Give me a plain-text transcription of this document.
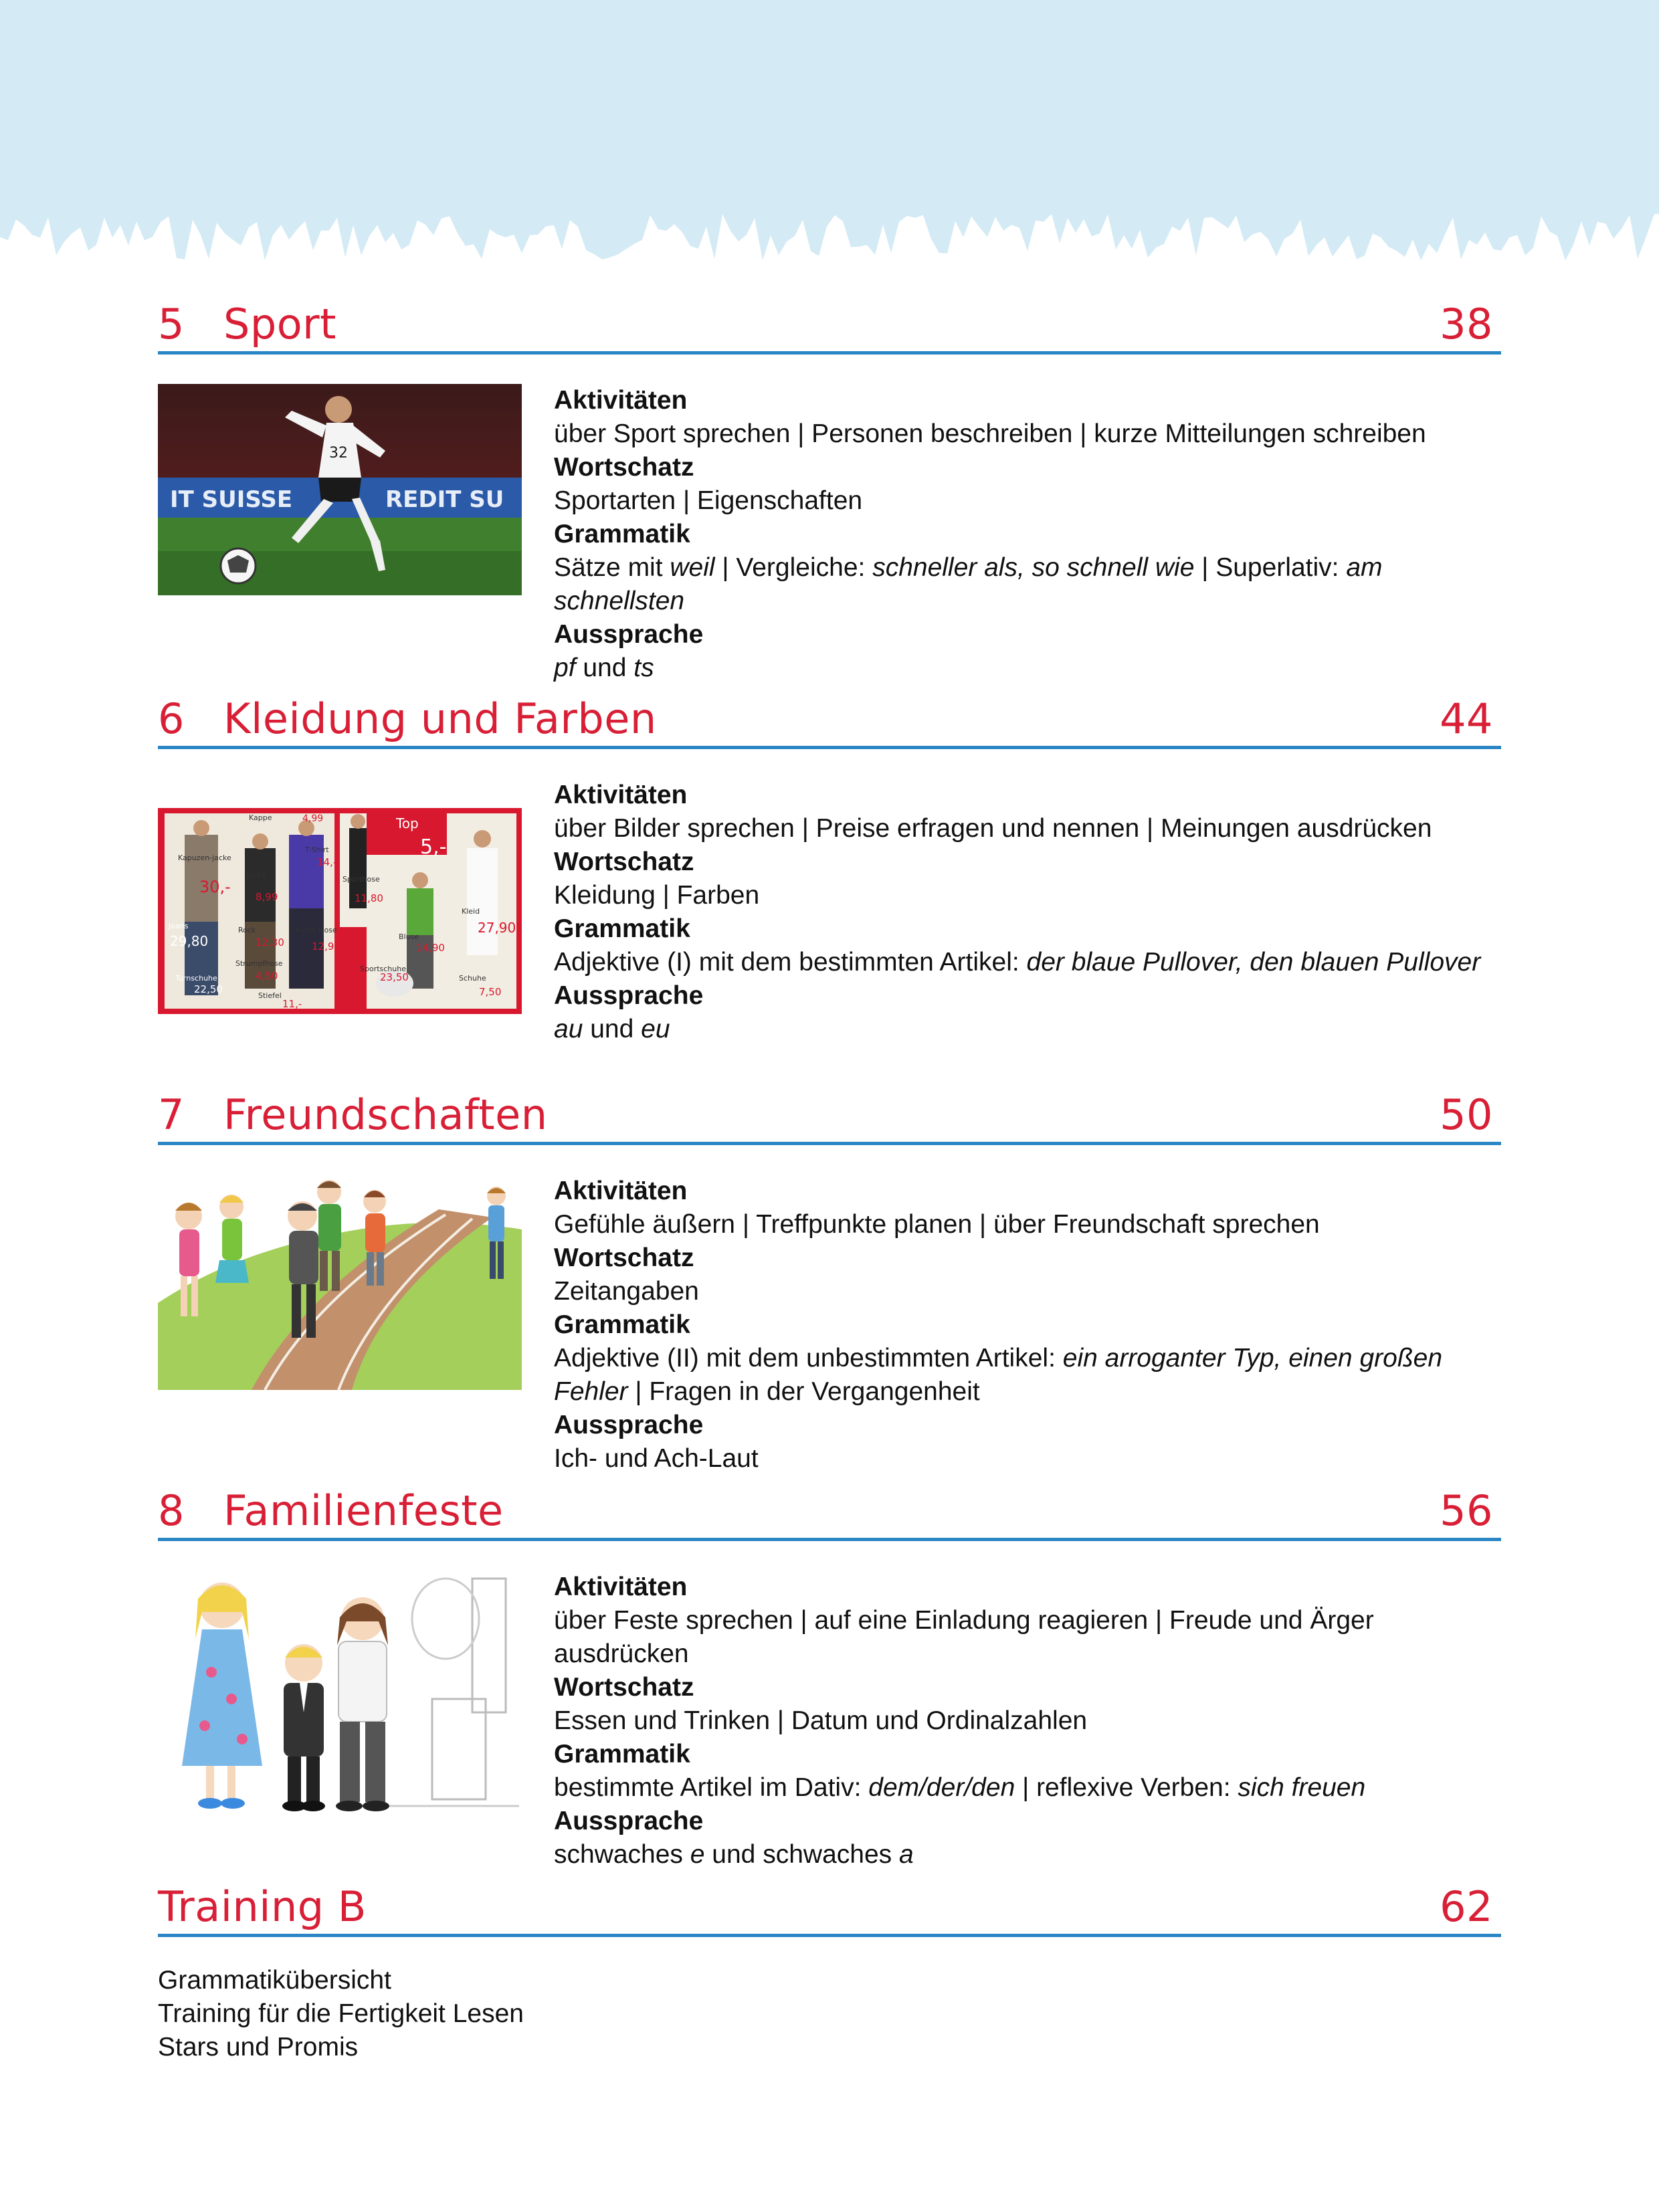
5 Sport	38
IT SUISSE	REDIT SU
32
Aktivitäten
über Sport sprechen | Personen beschreiben | kurze Mitteilungen schreiben
Wortschatz
Sportarten | Eigenschaften
Grammatik
Sätze mit weil | Vergleiche: schneller als, so schnell wie | Superlativ: am schnellsten
Aussprache
pf und ts
6 Kleidung und Farben	44
Kappe	4,99	Top
5,-
Kapuzen-jacke
30,-
Jacke
8,99
T-Shirt
14,-
Sporthose
11,80
Jeans
29,80
Rock
12,30
Kurze Hose
12,90
Bluse
14,90
Kleid
27,90
Strumpfhose
4,50
Sportschuhe
23,50
Turnschuhe
22,50
Schuhe
7,50
Stiefel
11,-
Aktivitäten
über Bilder sprechen | Preise erfragen und nennen | Meinungen ausdrücken
Wortschatz
Kleidung | Farben
Grammatik
Adjektive (I) mit dem bestimmten Artikel: der blaue Pullover, den blauen Pullover
Aussprache
au und eu
7 Freundschaften	50
Aktivitäten
Gefühle äußern | Treffpunkte planen | über Freundschaft sprechen
Wortschatz
Zeitangaben
Grammatik
Adjektive (II) mit dem unbestimmten Artikel: ein arroganter Typ, einen großen Fehler | Fragen in der Vergangenheit
Aussprache
Ich- und Ach-Laut
8 Familienfeste	56
Aktivitäten
über Feste sprechen | auf eine Einladung reagieren | Freude und Ärger ausdrücken
Wortschatz
Essen und Trinken | Datum und Ordinalzahlen
Grammatik
bestimmte Artikel im Dativ: dem/der/den | reflexive Verben: sich freuen
Aussprache
schwaches e und schwaches a
Training B	62
Grammatikübersicht
Training für die Fertigkeit Lesen
Stars und Promis
